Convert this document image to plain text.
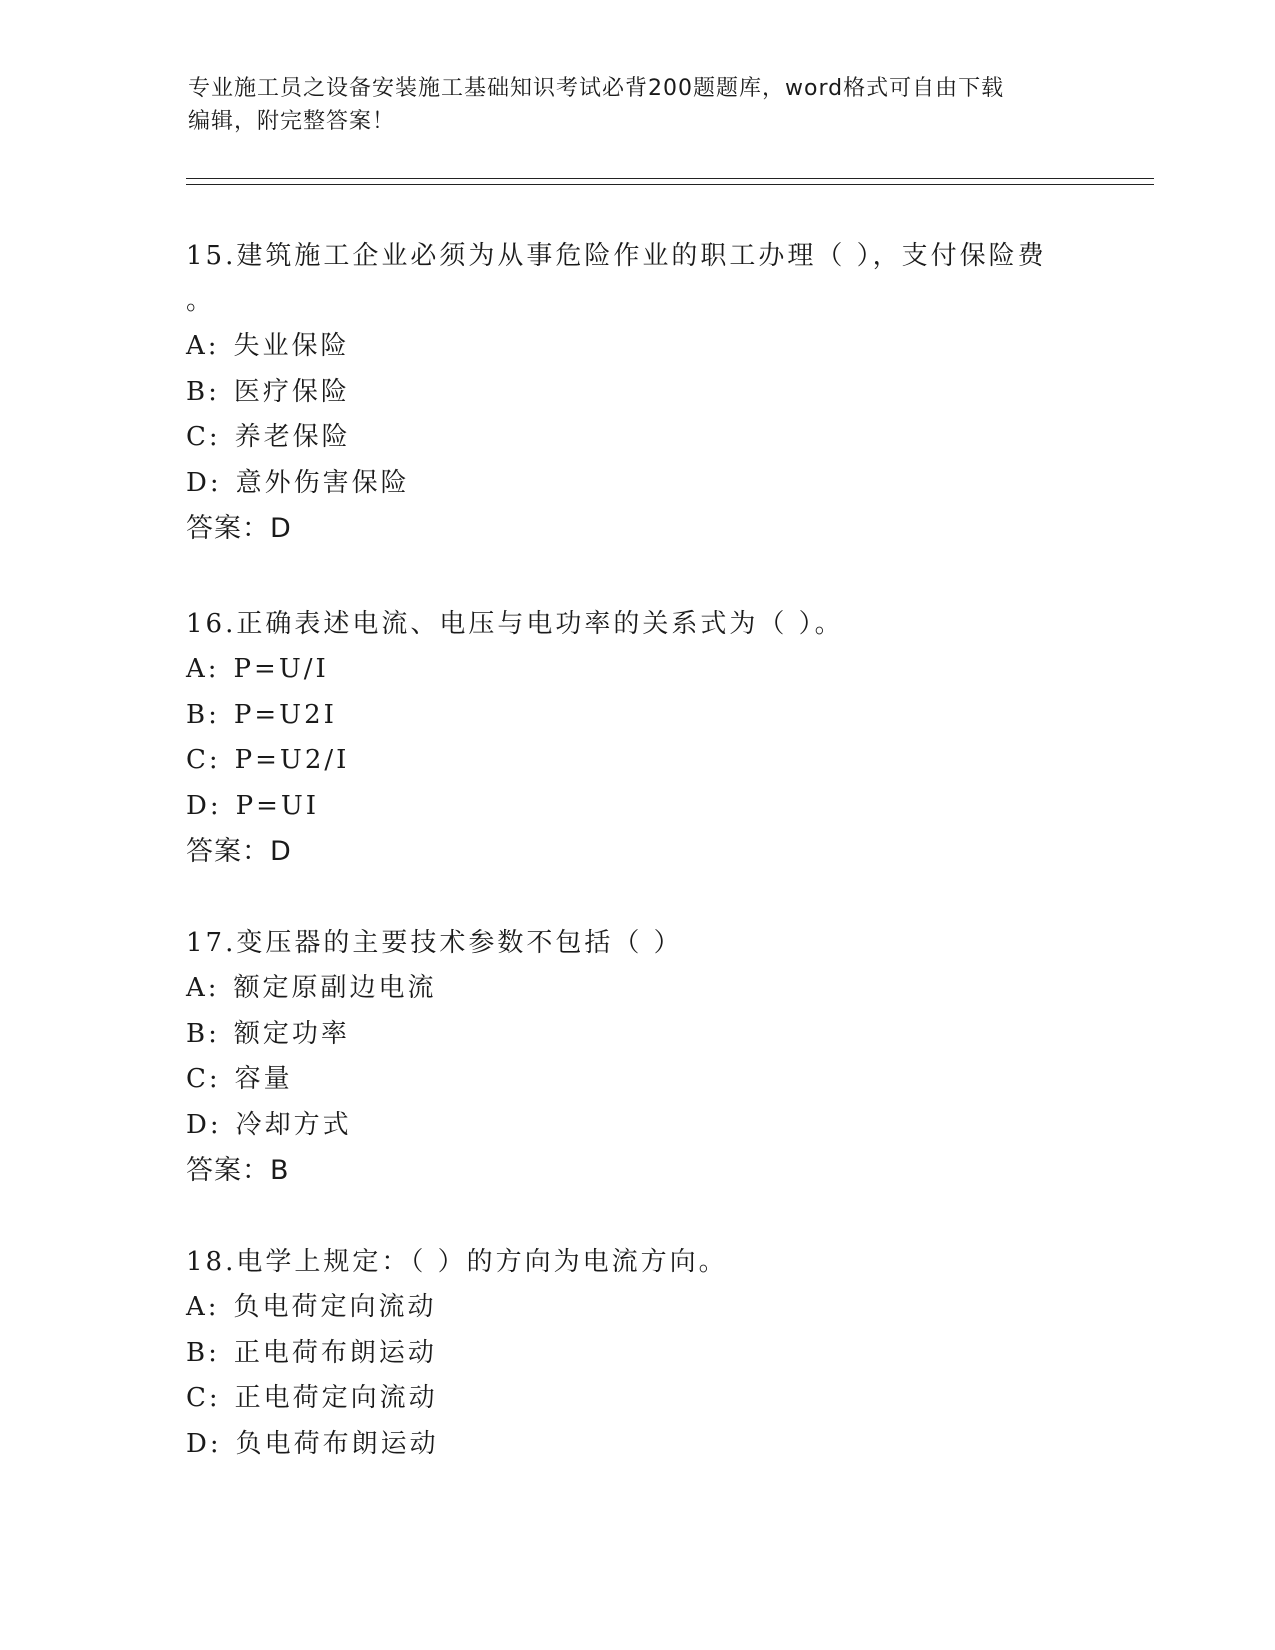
专业施工员之设备安装施工基础知识考试必背200题题库，word格式可自由下载
编辑，附完整答案！

15.建筑施工企业必须为从事危险作业的职工办理（ ），支付保险费

。

A: 失业保险

B: 医疗保险

C: 养老保险

D: 意外伤害保险

答案：D

16.正确表述电流、电压与电功率的关系式为（ ）。

A: P=U/I

B: P=U2I

C: P=U2/I

D: P=UI

答案：D

17.变压器的主要技术参数不包括（ ）

A: 额定原副边电流

B: 额定功率

C: 容量

D: 冷却方式

答案：B

18.电学上规定：（ ）的方向为电流方向。

A: 负电荷定向流动

B: 正电荷布朗运动

C: 正电荷定向流动

D: 负电荷布朗运动
